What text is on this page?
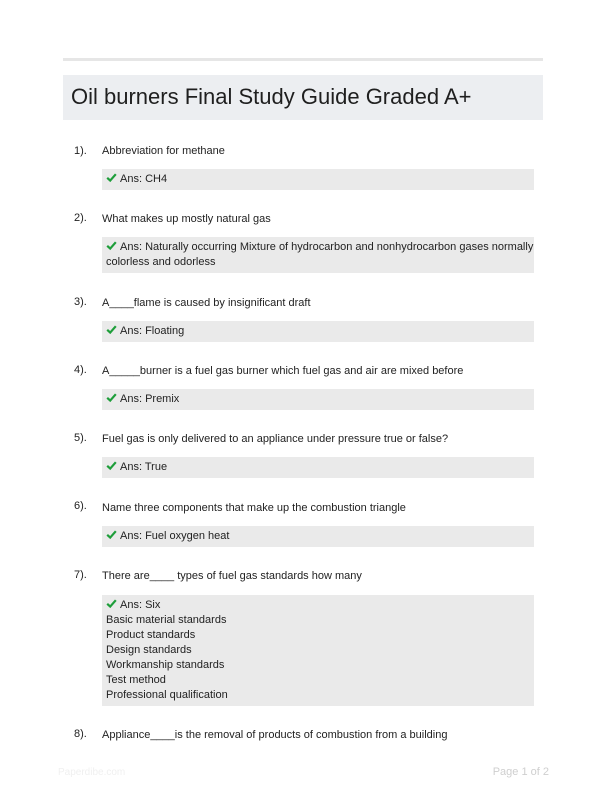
Oil burners Final Study Guide Graded A+
1). Abbreviation for methane
Ans: CH4
2). What makes up mostly natural gas
Ans: Naturally occurring Mixture of hydrocarbon and nonhydrocarbon gases normally
colorless and odorless
3). A____flame is caused by insignificant draft
Ans: Floating
4). A_____burner is a fuel gas burner which fuel gas and air are mixed before
Ans: Premix
5). Fuel gas is only delivered to an appliance under pressure true or false?
Ans: True
6). Name three components that make up the combustion triangle
Ans: Fuel oxygen heat
7). There are____ types of fuel gas standards how many
Ans: Six
Basic material standards
Product standards
Design standards
Workmanship standards
Test method
Professional qualification
8). Appliance____is the removal of products of combustion from a building
Paperdibe.com	Page 1 of 2
